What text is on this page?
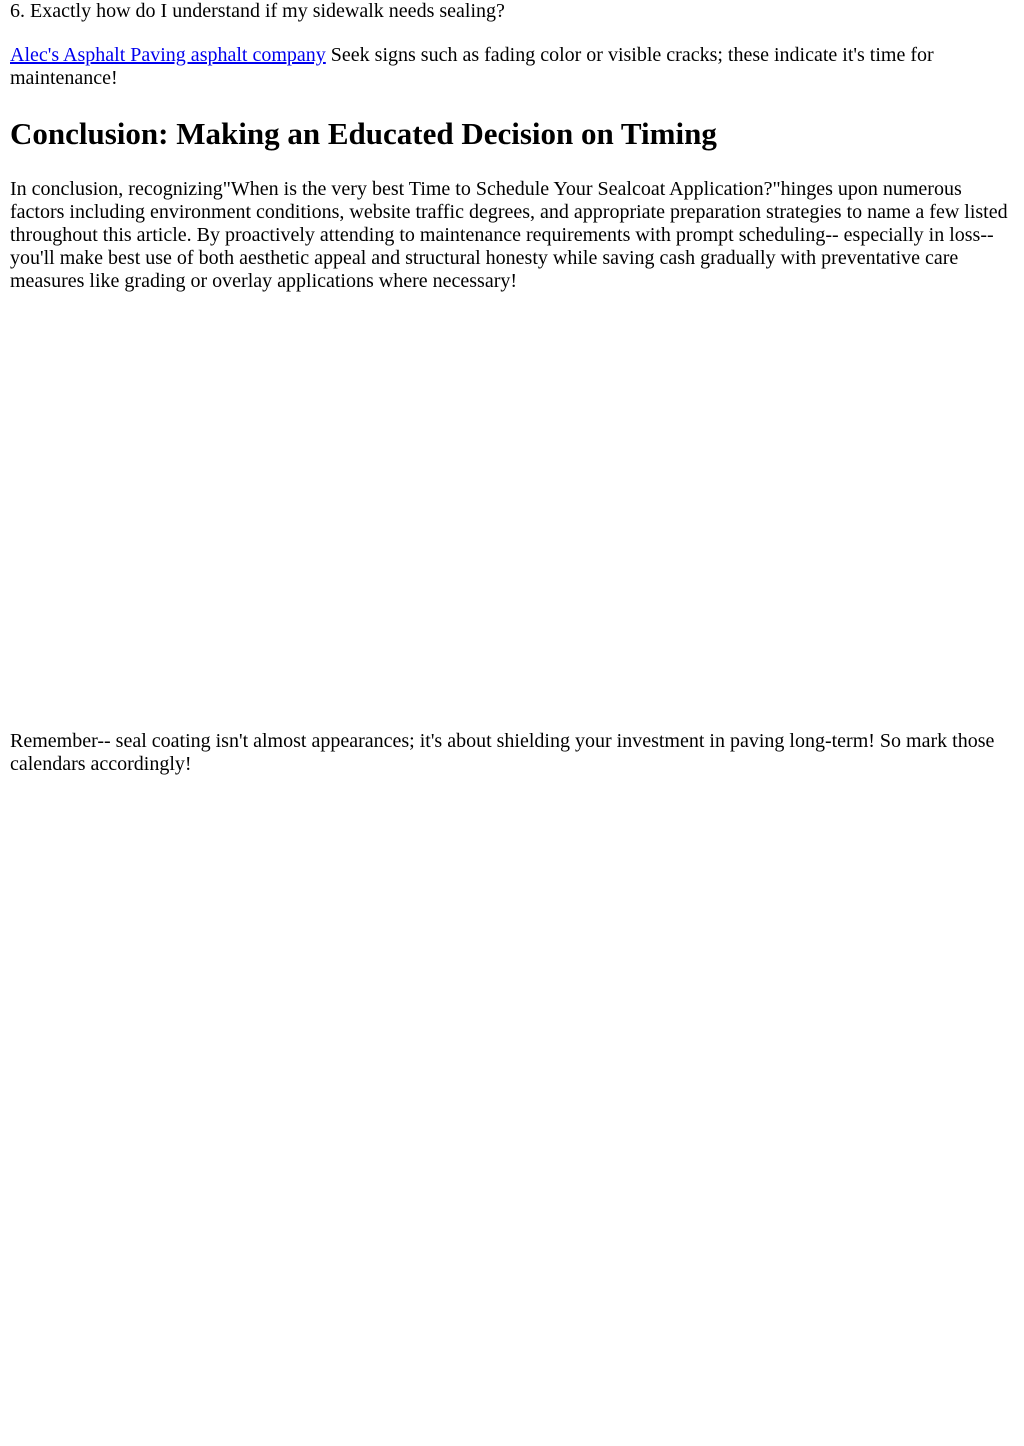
6. Exactly how do I understand if my sidewalk needs sealing?

Alec's Asphalt Paving asphalt company Seek signs such as fading color or visible cracks; these indicate it's time for maintenance!

Conclusion: Making an Educated Decision on Timing

In conclusion, recognizing"When is the very best Time to Schedule Your Sealcoat Application?"hinges upon numerous factors including environment conditions, website traffic degrees, and appropriate preparation strategies to name a few listed throughout this article. By proactively attending to maintenance requirements with prompt scheduling-- especially in loss-- you'll make best use of both aesthetic appeal and structural honesty while saving cash gradually with preventative care measures like grading or overlay applications where necessary!

Remember-- seal coating isn't almost appearances; it's about shielding your investment in paving long-term! So mark those calendars accordingly!
